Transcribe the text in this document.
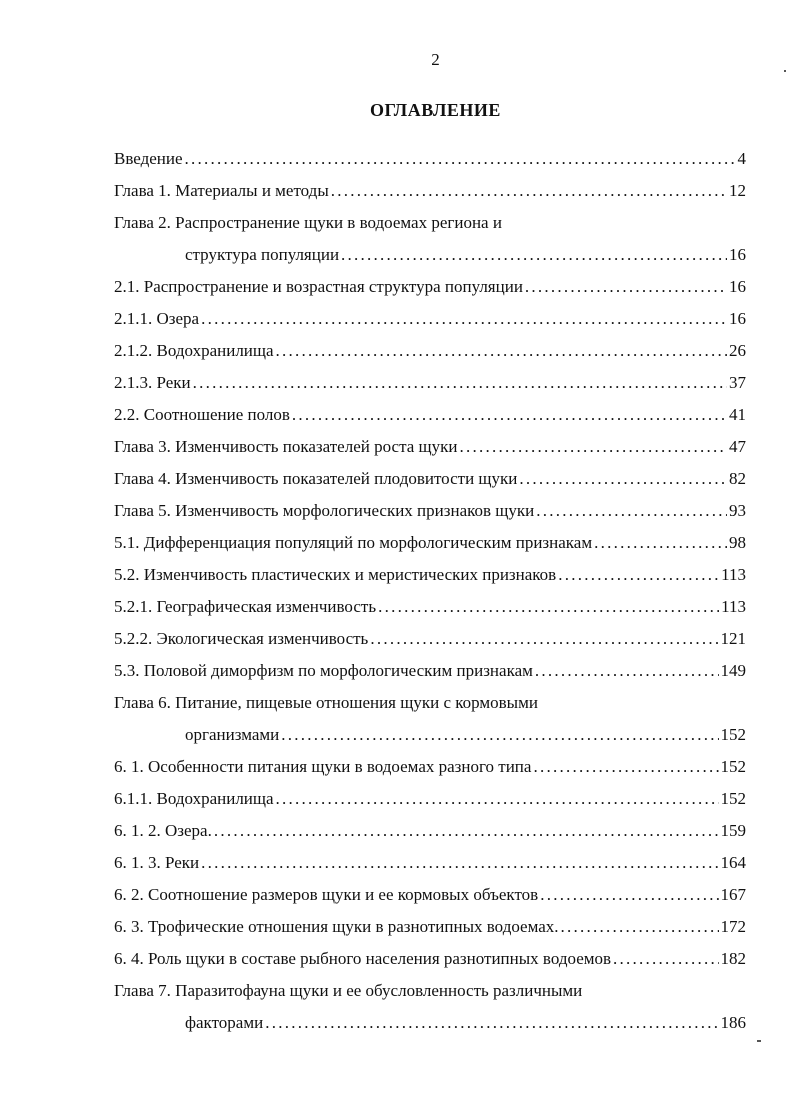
2
ОГЛАВЛЕНИЕ
Введение . . .	4
Глава 1. Материалы и методы . . .	12
Глава 2. Распространение щуки в водоемах региона и
структура популяции . . .	16
2.1. Распространение и возрастная структура популяции . . .	16
2.1.1. Озера . . .	16
2.1.2. Водохранилища . . .	26
2.1.3. Реки . . .	37
2.2. Соотношение полов . . .	41
Глава 3. Изменчивость показателей роста щуки . . .	47
Глава 4. Изменчивость показателей плодовитости щуки . . .	82
Глава 5. Изменчивость морфологических признаков щуки . . .	93
5.1. Дифференциация популяций по морфологическим признакам . . .	98
5.2. Изменчивость пластических и меристических признаков . . .	113
5.2.1. Географическая изменчивость . . .	113
5.2.2. Экологическая изменчивость . . .	121
5.3. Половой диморфизм по морфологическим признакам . . .	149
Глава 6. Питание, пищевые отношения щуки с кормовыми
организмами . . .	152
6. 1. Особенности питания щуки в водоемах разного типа . . .	152
6.1.1. Водохранилища . . .	152
6. 1. 2. Озера. . . .	159
6. 1. 3. Реки . . .	164
6. 2. Соотношение размеров щуки и ее кормовых объектов . . .	167
6. 3. Трофические отношения щуки в разнотипных водоемах. . . .	172
6. 4. Роль щуки в составе рыбного населения разнотипных водоемов . . .	182
Глава 7. Паразитофауна щуки и ее обусловленность различными
факторами . . .	186
